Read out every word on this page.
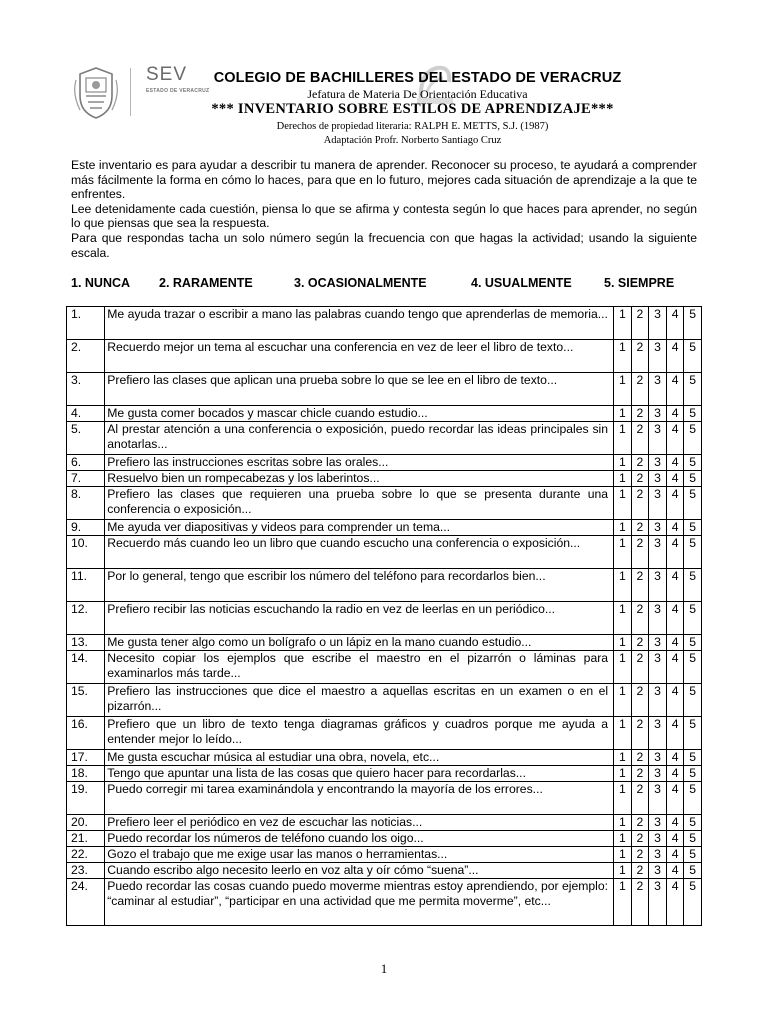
SEV
ESTADO DE VERACRUZ
COLEGIO DE BACHILLERES DEL ESTADO DE VERACRUZ
Jefatura de Materia De Orientación Educativa
*** INVENTARIO SOBRE ESTILOS DE APRENDIZAJE***
Derechos de propiedad literaria: RALPH E. METTS, S.J. (1987)
Adaptación Profr. Norberto Santiago Cruz

Este inventario es para ayudar a describir tu manera de aprender. Reconocer su proceso, te ayudará a comprender más fácilmente la forma en cómo lo haces, para que en lo futuro, mejores cada situación de aprendizaje a la que te enfrentes.

Lee detenidamente cada cuestión, piensa lo que se afirma y contesta según lo que haces para aprender, no según lo que piensas que sea la respuesta.

Para que respondas tacha un solo número según la frecuencia con que hagas la actividad; usando la siguiente escala.

1. NUNCA 2. RARAMENTE	3. OCASIONALMENTE	4. USUALMENTE	5. SIEMPRE
1.	Me ayuda trazar o escribir a mano las palabras cuando tengo que aprenderlas de memoria...	1	2	3	4	5
2.	Recuerdo mejor un tema al escuchar una conferencia en vez de leer el libro de texto...	1	2	3	4	5
3.	Prefiero las clases que aplican una prueba sobre lo que se lee en el libro de texto...	1	2	3	4	5
4.	Me gusta comer bocados y mascar chicle cuando estudio...	1	2	3	4	5
5.	Al prestar atención a una conferencia o exposición, puedo recordar las ideas principales sin anotarlas...	1	2	3	4	5
6.	Prefiero las instrucciones escritas sobre las orales...	1	2	3	4	5
7.	Resuelvo bien un rompecabezas y los laberintos...	1	2	3	4	5
8.	Prefiero las clases que requieren una prueba sobre lo que se presenta durante una conferencia o exposición...	1	2	3	4	5
9.	Me ayuda ver diapositivas y videos para comprender un tema...	1	2	3	4	5
10.	Recuerdo más cuando leo un libro que cuando escucho una conferencia o exposición...	1	2	3	4	5
11.	Por lo general, tengo que escribir los número del teléfono para recordarlos bien...	1	2	3	4	5
12.	Prefiero recibir las noticias escuchando la radio en vez de leerlas en un periódico...	1	2	3	4	5
13.	Me gusta tener algo como un bolígrafo o un lápiz en la mano cuando estudio...	1	2	3	4	5
14.	Necesito copiar los ejemplos que escribe el maestro en el pizarrón o láminas para examinarlos más tarde...	1	2	3	4	5
15.	Prefiero las instrucciones que dice el maestro a aquellas escritas en un examen o en el pizarrón...	1	2	3	4	5
16.	Prefiero que un libro de texto tenga diagramas gráficos y cuadros porque me ayuda a entender mejor lo leído...	1	2	3	4	5
17.	Me gusta escuchar música al estudiar una obra, novela, etc...	1	2	3	4	5
18.	Tengo que apuntar una lista de las cosas que quiero hacer para recordarlas...	1	2	3	4	5
19.	Puedo corregir mi tarea examinándola y encontrando la mayoría de los errores...	1	2	3	4	5
20.	Prefiero leer el periódico en vez de escuchar las noticias...	1	2	3	4	5
21.	Puedo recordar los números de teléfono cuando los oigo...	1	2	3	4	5
22.	Gozo el trabajo que me exige usar las manos o herramientas...	1	2	3	4	5
23.	Cuando escribo algo necesito leerlo en voz alta y oír cómo “suena”...	1	2	3	4	5
24.	Puedo recordar las cosas cuando puedo moverme mientras estoy aprendiendo, por ejemplo: “caminar al estudiar”, “participar en una actividad que me permita moverme”, etc...	1	2	3	4	5
1
